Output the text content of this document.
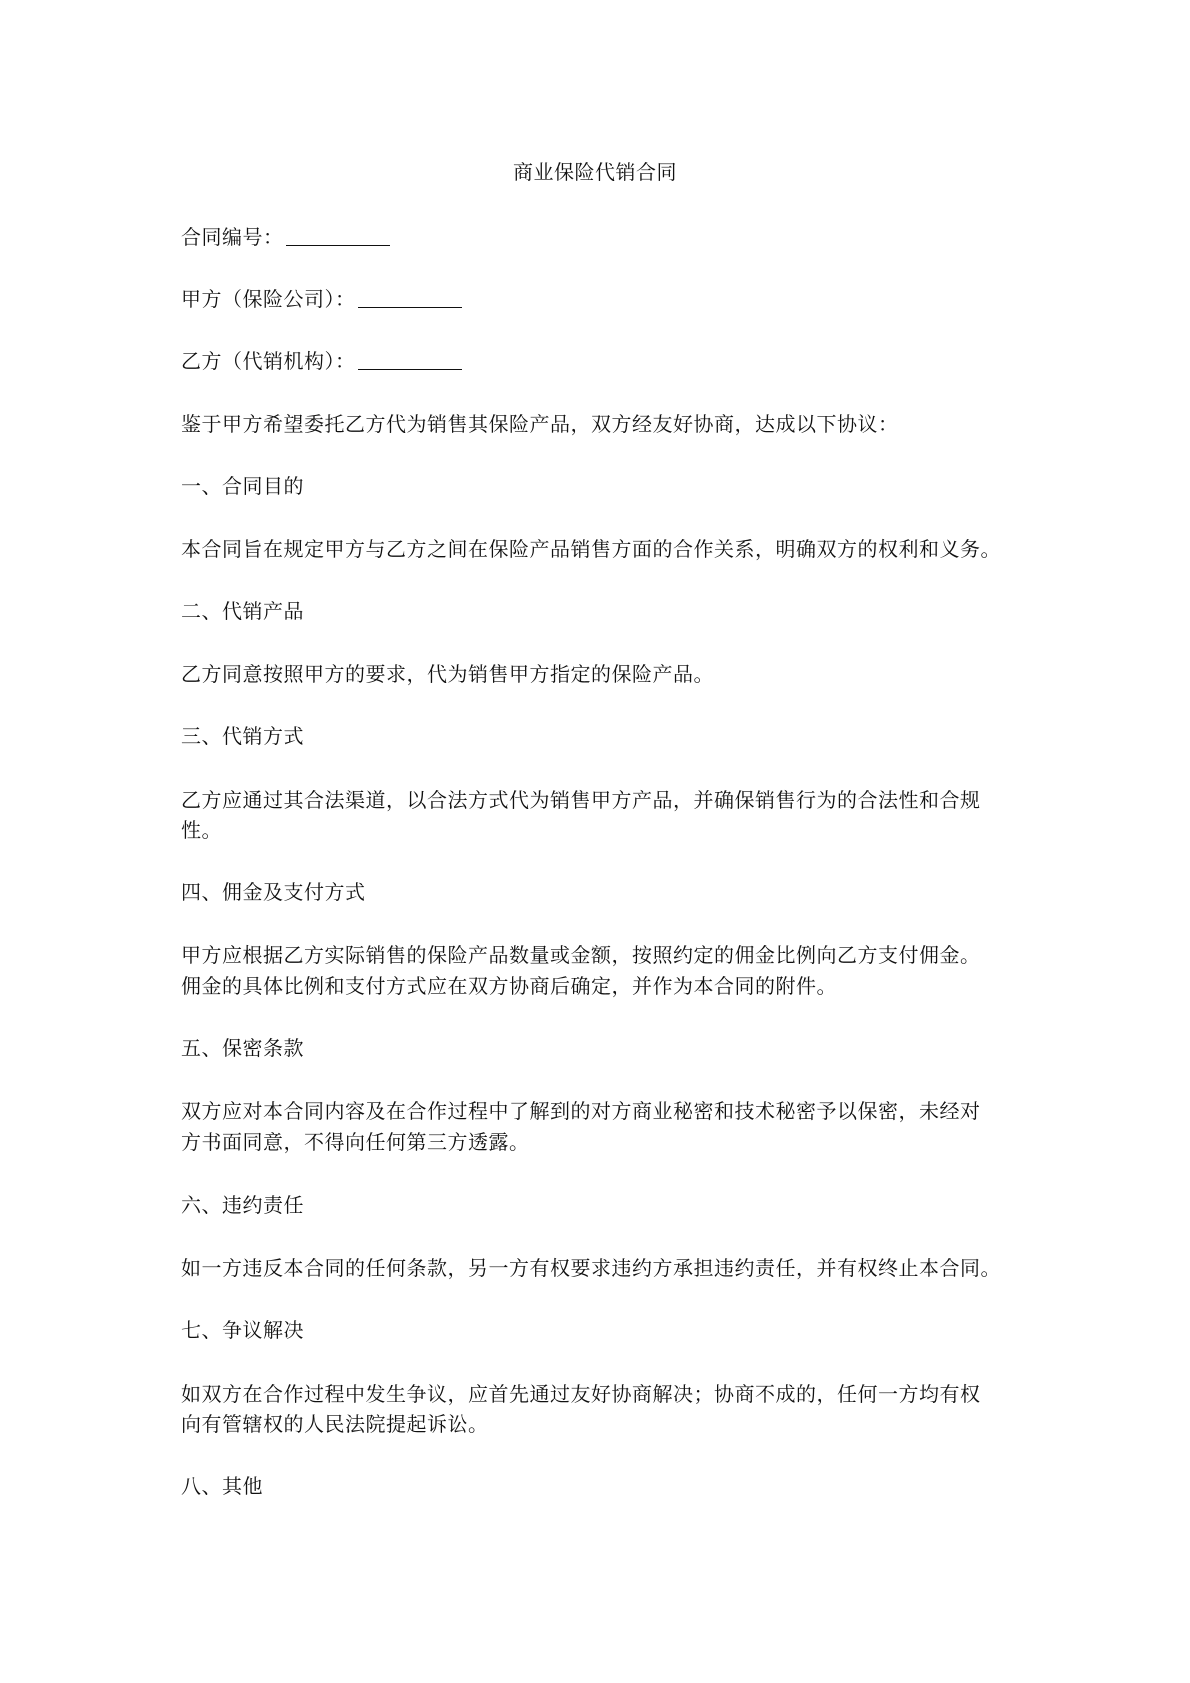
商业保险代销合同
合同编号：
甲方（保险公司）：
乙方（代销机构）：
鉴于甲方希望委托乙方代为销售其保险产品，双方经友好协商，达成以下协议：
一、合同目的
本合同旨在规定甲方与乙方之间在保险产品销售方面的合作关系，明确双方的权利和义务。
二、代销产品
乙方同意按照甲方的要求，代为销售甲方指定的保险产品。
三、代销方式
乙方应通过其合法渠道，以合法方式代为销售甲方产品，并确保销售行为的合法性和合规
性。
四、佣金及支付方式
甲方应根据乙方实际销售的保险产品数量或金额，按照约定的佣金比例向乙方支付佣金。
佣金的具体比例和支付方式应在双方协商后确定，并作为本合同的附件。
五、保密条款
双方应对本合同内容及在合作过程中了解到的对方商业秘密和技术秘密予以保密，未经对
方书面同意，不得向任何第三方透露。
六、违约责任
如一方违反本合同的任何条款，另一方有权要求违约方承担违约责任，并有权终止本合同。
七、争议解决
如双方在合作过程中发生争议，应首先通过友好协商解决；协商不成的，任何一方均有权
向有管辖权的人民法院提起诉讼。
八、其他
